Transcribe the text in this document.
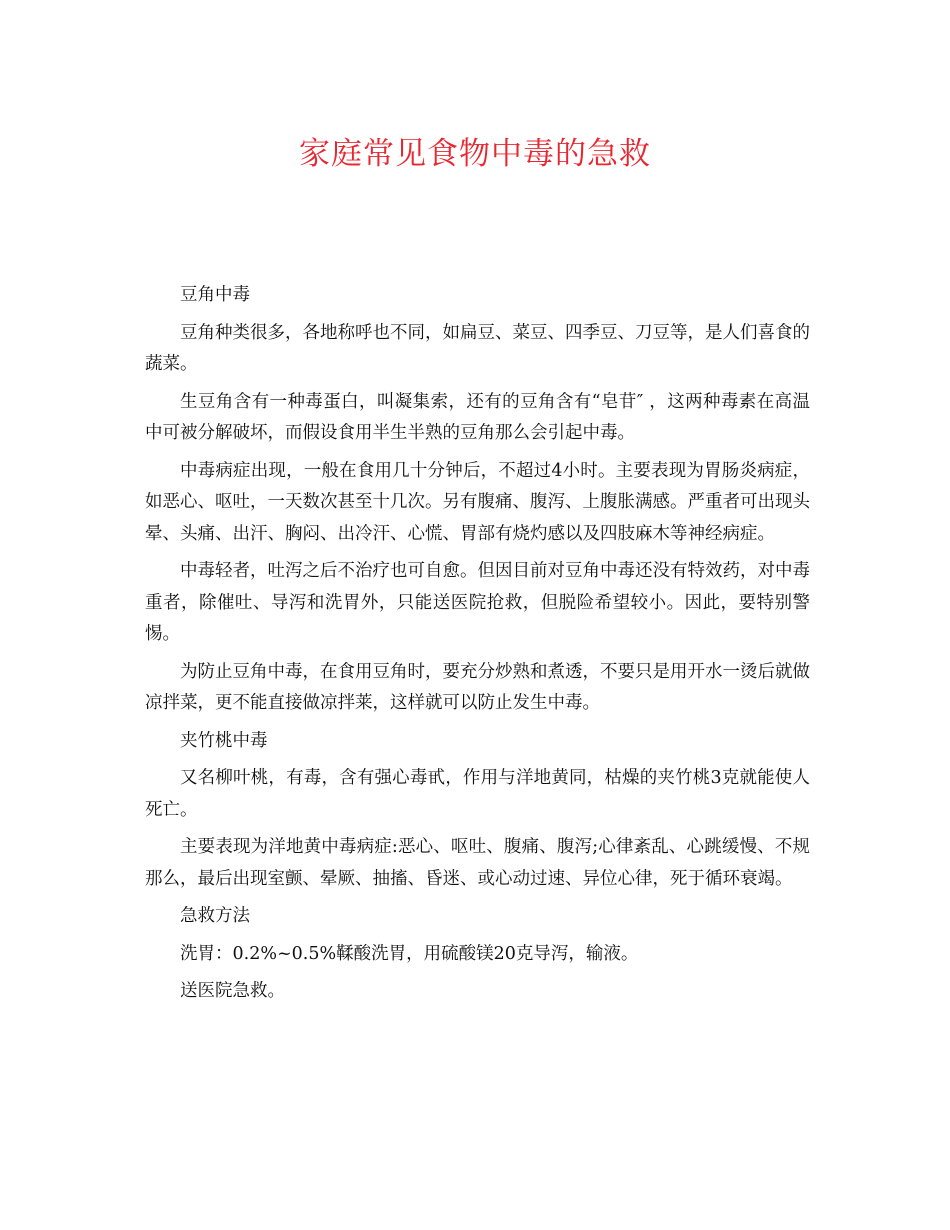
家庭常见食物中毒的急救

豆角中毒

豆角种类很多，各地称呼也不同，如扁豆、菜豆、四季豆、刀豆等，是人们喜食的蔬菜。

生豆角含有一种毒蛋白，叫凝集索，还有的豆角含有“皂苷″ ，这两种毒素在高温中可被分解破坏，而假设食用半生半熟的豆角那么会引起中毒。

中毒病症出现，一般在食用几十分钟后，不超过4小时。主要表现为胃肠炎病症，如恶心、呕吐，一天数次甚至十几次。另有腹痛、腹泻、上腹胀满感。严重者可出现头晕、头痛、出汗、胸闷、出冷汗、心慌、胃部有烧灼感以及四肢麻木等神经病症。

中毒轻者，吐泻之后不治疗也可自愈。但因目前对豆角中毒还没有特效药，对中毒重者，除催吐、导泻和洗胃外，只能送医院抢救，但脱险希望较小。因此，要特别警惕。

为防止豆角中毒，在食用豆角时，要充分炒熟和煮透，不要只是用开水一烫后就做凉拌菜，更不能直接做凉拌莱，这样就可以防止发生中毒。

夹竹桃中毒

又名柳叶桃，有毒，含有强心毒甙，作用与洋地黄同，枯燥的夹竹桃3克就能使人死亡。

主要表现为洋地黄中毒病症:恶心、呕吐、腹痛、腹泻;心律紊乱、心跳缓慢、不规那么，最后出现室颤、晕厥、抽搐、昏迷、或心动过速、异位心律，死于循环衰竭。

急救方法

洗胃：0.2%~0.5%鞣酸洗胃，用硫酸镁20克导泻，输液。

送医院急救。
